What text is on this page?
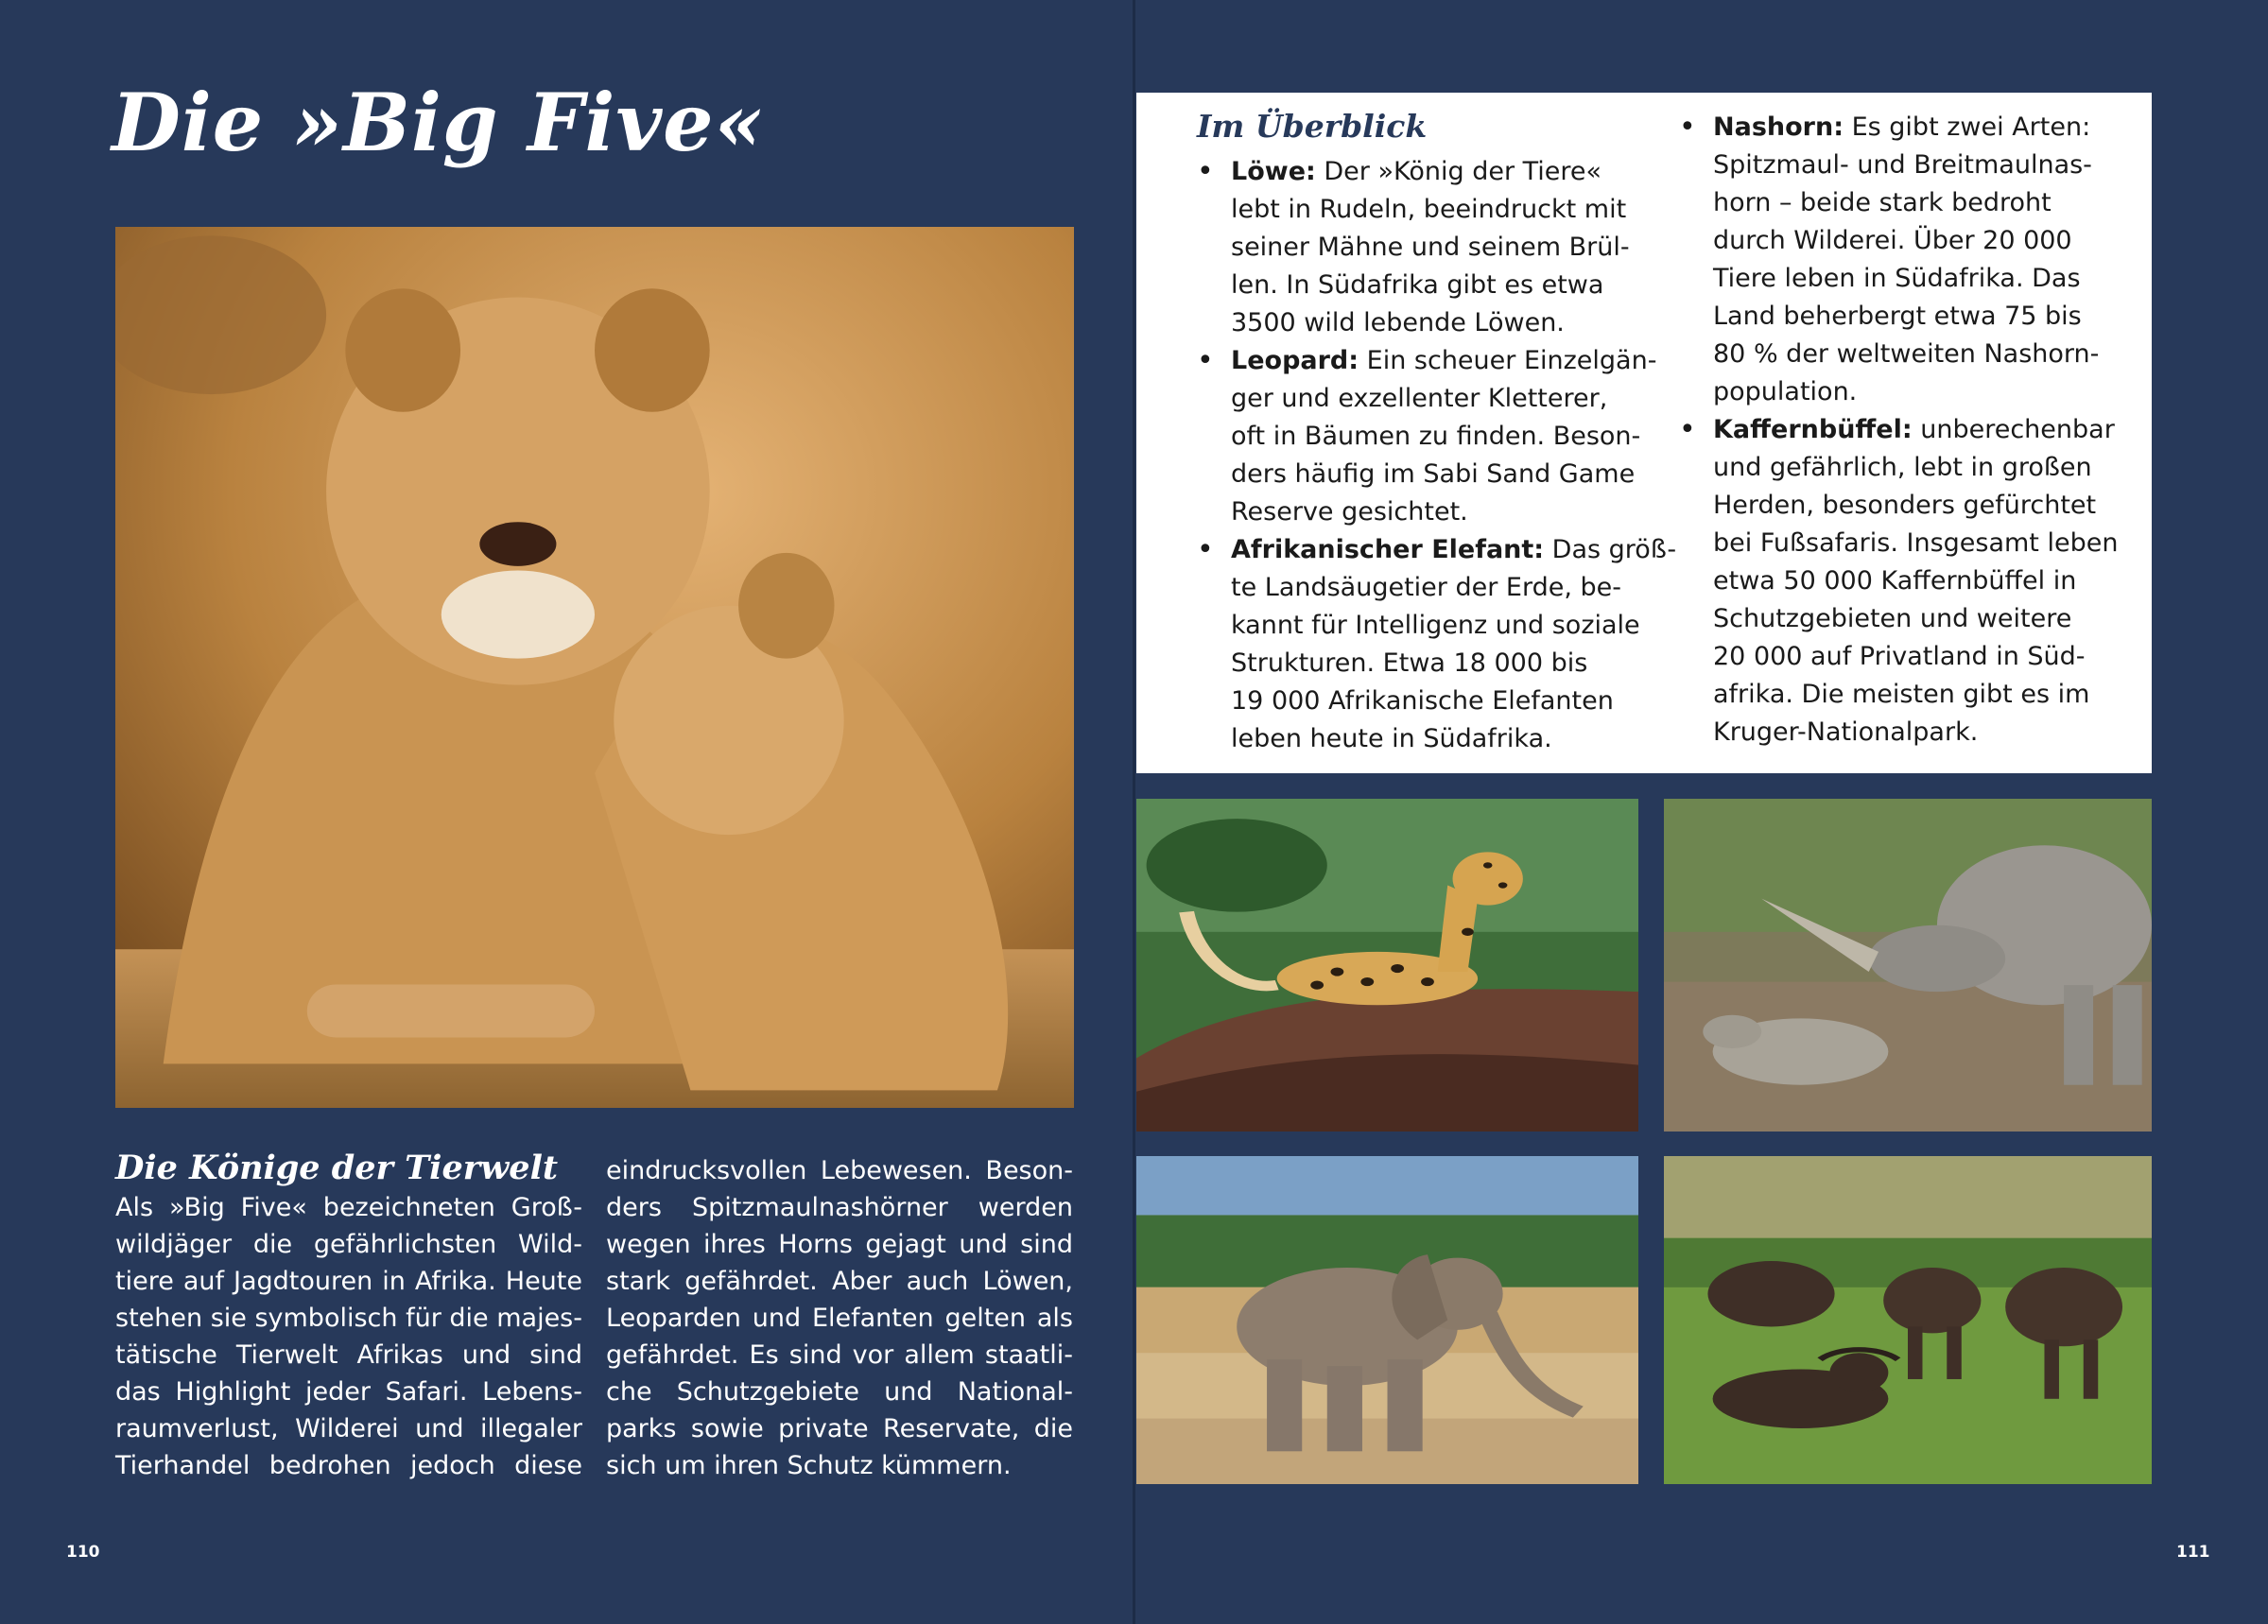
Die »Big Five«
Die Könige der Tierwelt
Als »Big Five« bezeichneten Groß-
wildjäger die gefährlichsten Wild-
tiere auf Jagdtouren in Afrika. Heute
stehen sie symbolisch für die majes-
tätische Tierwelt Afrikas und sind
das Highlight jeder Safari. Lebens-
raumverlust, Wilderei und illegaler
Tierhandel bedrohen jedoch diese
eindrucksvollen Lebewesen. Beson-
ders Spitzmaulnashörner werden
wegen ihres Horns gejagt und sind
stark gefährdet. Aber auch Löwen,
Leoparden und Elefanten gelten als
gefährdet. Es sind vor allem staatli-
che Schutzgebiete und National-
parks sowie private Reservate, die
sich um ihren Schutz kümmern.
Im Überblick
• Löwe: Der »König der Tiere«
lebt in Rudeln, beeindruckt mit
seiner Mähne und seinem Brül-
len. In Südafrika gibt es etwa
3500 wild lebende Löwen.
• Leopard: Ein scheuer Einzelgän-
ger und exzellenter Kletterer,
oft in Bäumen zu finden. Beson-
ders häufig im Sabi Sand Game
Reserve gesichtet.
• Afrikanischer Elefant: Das größ-
te Landsäugetier der Erde, be-
kannt für Intelligenz und soziale
Strukturen. Etwa 18 000 bis
19 000 Afrikanische Elefanten
leben heute in Südafrika.
• Nashorn: Es gibt zwei Arten:
Spitzmaul- und Breitmaulnas-
horn – beide stark bedroht
durch Wilderei. Über 20 000
Tiere leben in Südafrika. Das
Land beherbergt etwa 75 bis
80 % der weltweiten Nashorn-
population.
• Kaffernbüffel: unberechenbar
und gefährlich, lebt in großen
Herden, besonders gefürchtet
bei Fußsafaris. Insgesamt leben
etwa 50 000 Kaffernbüffel in
Schutzgebieten und weitere
20 000 auf Privatland in Süd-
afrika. Die meisten gibt es im
Kruger-Nationalpark.
110	111
